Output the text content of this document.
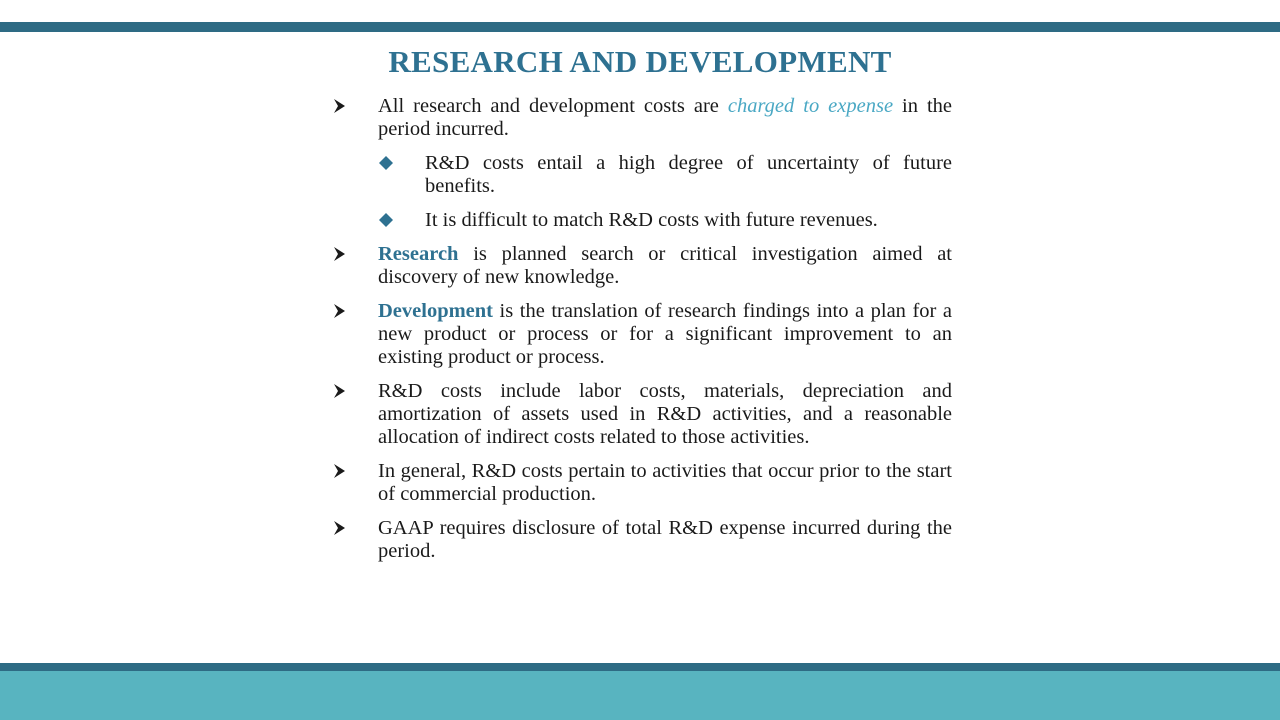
RESEARCH AND DEVELOPMENT
All research and development costs are charged to expense in the period incurred.
R&D costs entail a high degree of uncertainty of future benefits.
It is difficult to match R&D costs with future revenues.
Research is planned search or critical investigation aimed at discovery of new knowledge.
Development is the translation of research findings into a plan for a new product or process or for a significant improvement to an existing product or process.
R&D costs include labor costs, materials, depreciation and amortization of assets used in R&D activities, and a reasonable allocation of indirect costs related to those activities.
In general, R&D costs pertain to activities that occur prior to the start of commercial production.
GAAP requires disclosure of total R&D expense incurred during the period.
